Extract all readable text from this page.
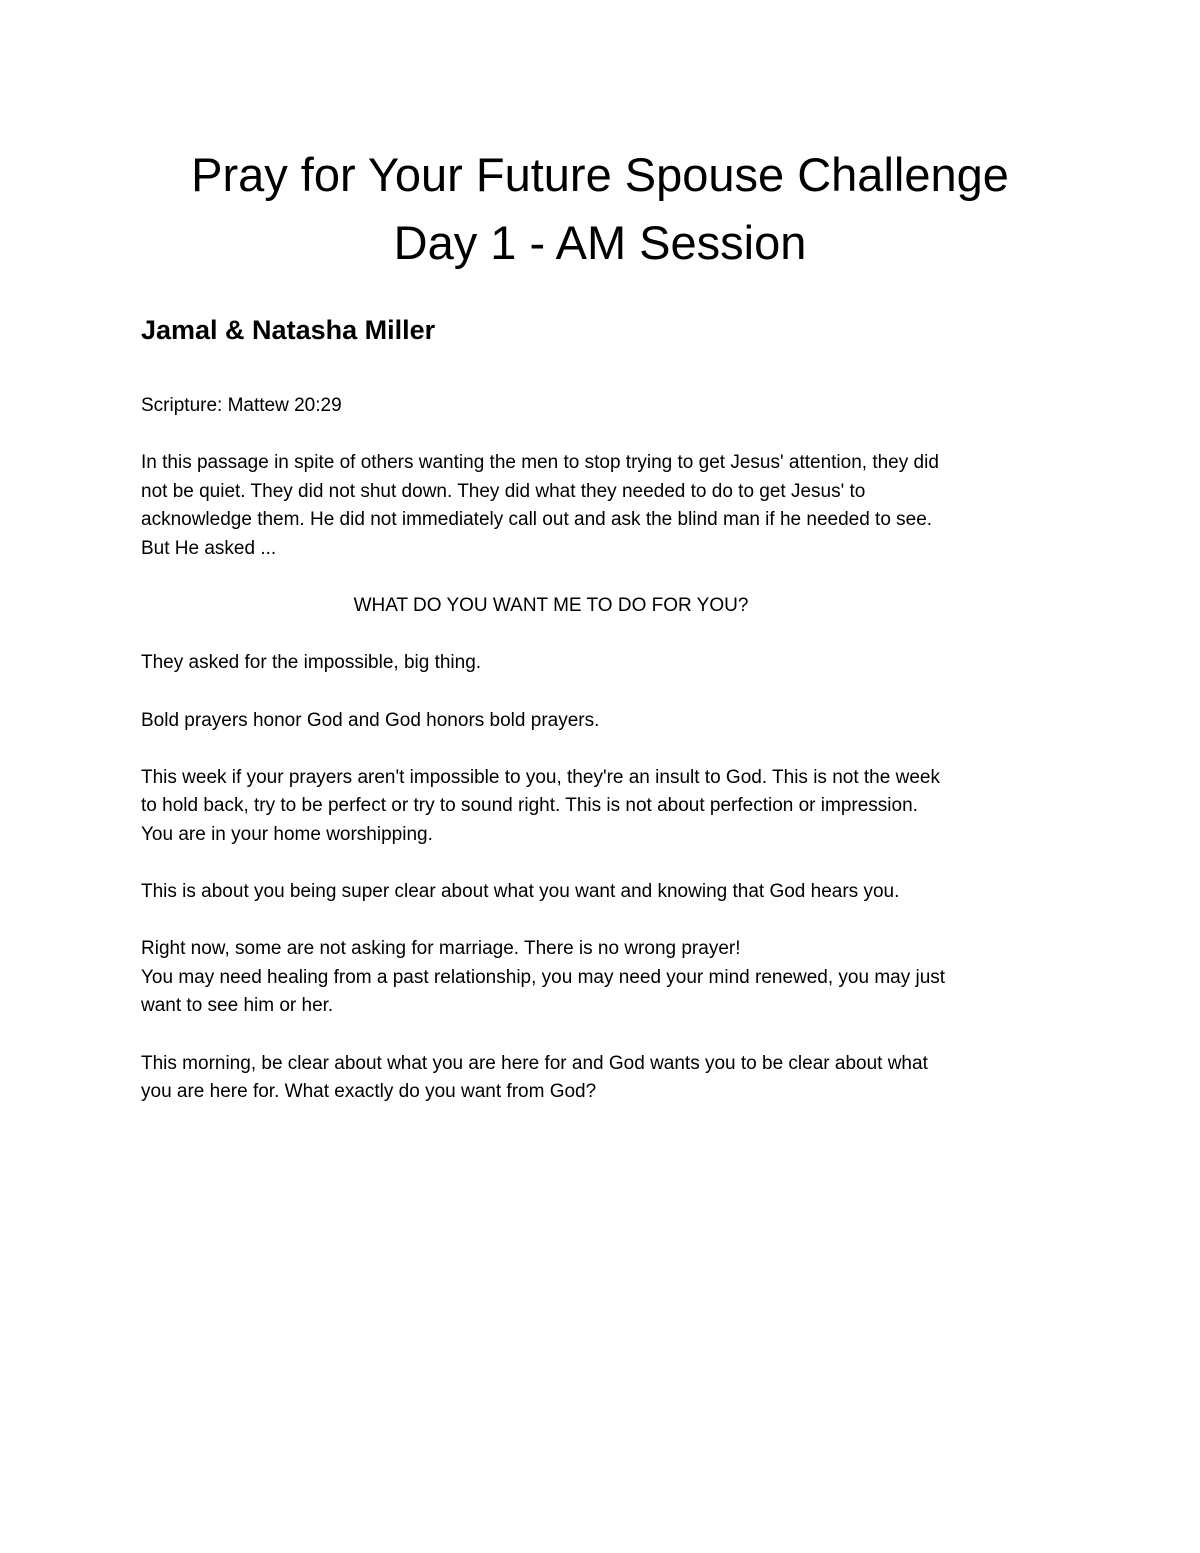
Pray for Your Future Spouse Challenge
Day 1 - AM Session
Jamal & Natasha Miller

Scripture: Mattew 20:29

In this passage in spite of others wanting the men to stop trying to get Jesus' attention, they did
not be quiet. They did not shut down. They did what they needed to do to get Jesus' to
acknowledge them. He did not immediately call out and ask the blind man if he needed to see.
But He asked ...

WHAT DO YOU WANT ME TO DO FOR YOU?

They asked for the impossible, big thing.

Bold prayers honor God and God honors bold prayers.

This week if your prayers aren't impossible to you, they're an insult to God. This is not the week
to hold back, try to be perfect or try to sound right. This is not about perfection or impression.
You are in your home worshipping.

This is about you being super clear about what you want and knowing that God hears you.

Right now, some are not asking for marriage. There is no wrong prayer!
You may need healing from a past relationship, you may need your mind renewed, you may just
want to see him or her.

This morning, be clear about what you are here for and God wants you to be clear about what
you are here for. What exactly do you want from God?
